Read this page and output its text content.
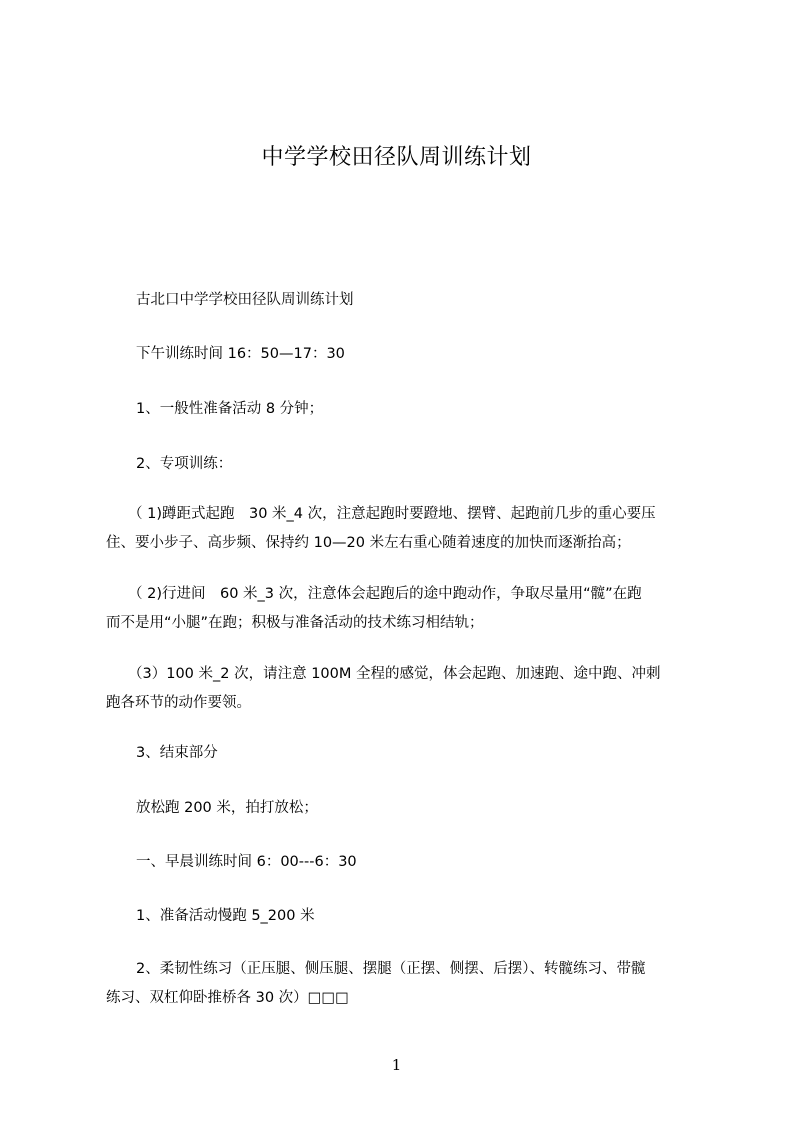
中学学校田径队周训练计划
古北口中学学校田径队周训练计划
下午训练时间 16：50—17：30
1、一般性准备活动 8 分钟；
2、专项训练：
（ 1)蹲距式起跑　30 米_4 次，注意起跑时要蹬地、摆臂、起跑前几步的重心要压
住、要小步子、高步频、保持约 10—20 米左右重心随着速度的加快而逐渐抬高；
（ 2)行进间　60 米_3 次，注意体会起跑后的途中跑动作，争取尽量用“髋”在跑
而不是用“小腿”在跑；积极与准备活动的技术练习相结轨；
（3）100 米_2 次，请注意 100M 全程的感觉，体会起跑、加速跑、途中跑、冲刺
跑各环节的动作要领。
3、结束部分
放松跑 200 米，拍打放松；
一、早晨训练时间 6：00---6：30
1、准备活动慢跑 5_200 米
2、柔韧性练习（正压腿、侧压腿、摆腿（正摆、侧摆、后摆）、转髋练习、带髋
练习、双杠仰卧推桥各 30 次）□□□
1
